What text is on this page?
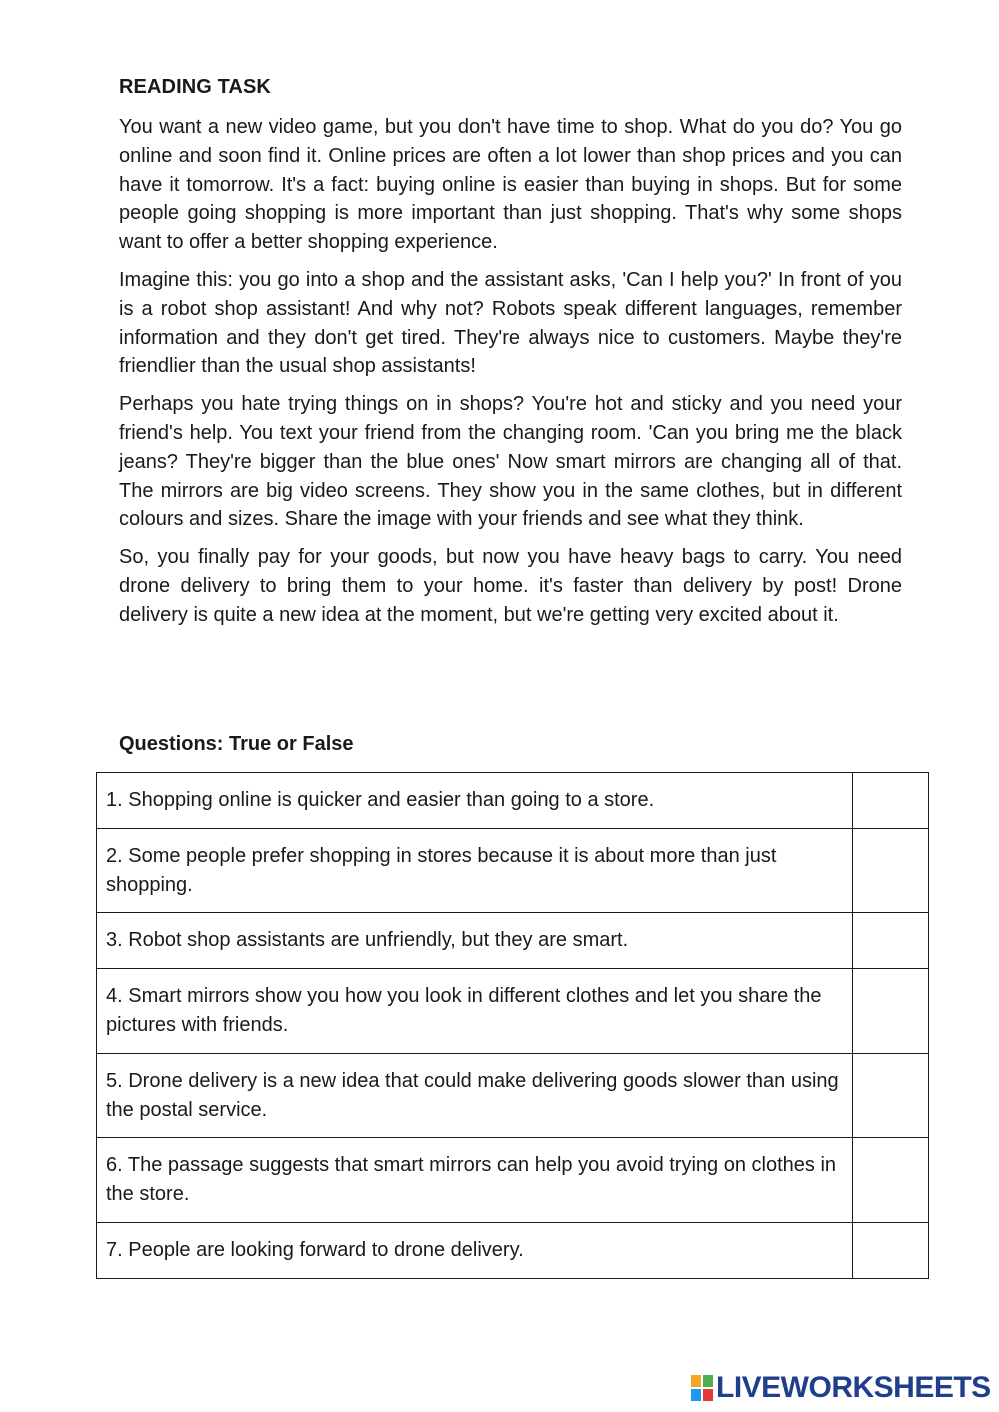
READING TASK

You want a new video game, but you don't have time to shop. What do you do? You go online and soon find it. Online prices are often a lot lower than shop prices and you can have it tomorrow. It's a fact: buying online is easier than buying in shops. But for some people going shopping is more important than just shopping. That's why some shops want to offer a better shopping experience.

Imagine this: you go into a shop and the assistant asks, 'Can I help you?' In front of you is a robot shop assistant! And why not? Robots speak different languages, remember information and they don't get tired. They're always nice to customers. Maybe they're friendlier than the usual shop assistants!

Perhaps you hate trying things on in shops? You're hot and sticky and you need your friend's help. You text your friend from the changing room. 'Can you bring me the black jeans? They're bigger than the blue ones' Now smart mirrors are changing all of that. The mirrors are big video screens. They show you in the same clothes, but in different colours and sizes. Share the image with your friends and see what they think.

So, you finally pay for your goods, but now you have heavy bags to carry. You need drone delivery to bring them to your home. it's faster than delivery by post! Drone delivery is quite a new idea at the moment, but we're getting very excited about it.

Questions: True or False
1. Shopping online is quicker and easier than going to a store.	
2. Some people prefer shopping in stores because it is about more than just shopping.	
3. Robot shop assistants are unfriendly, but they are smart.	
4. Smart mirrors show you how you look in different clothes and let you share the pictures with friends.	
5. Drone delivery is a new idea that could make delivering goods slower than using the postal service.	
6. The passage suggests that smart mirrors can help you avoid trying on clothes in the store.	
7. People are looking forward to drone delivery.	
LIVEWORKSHEETS
